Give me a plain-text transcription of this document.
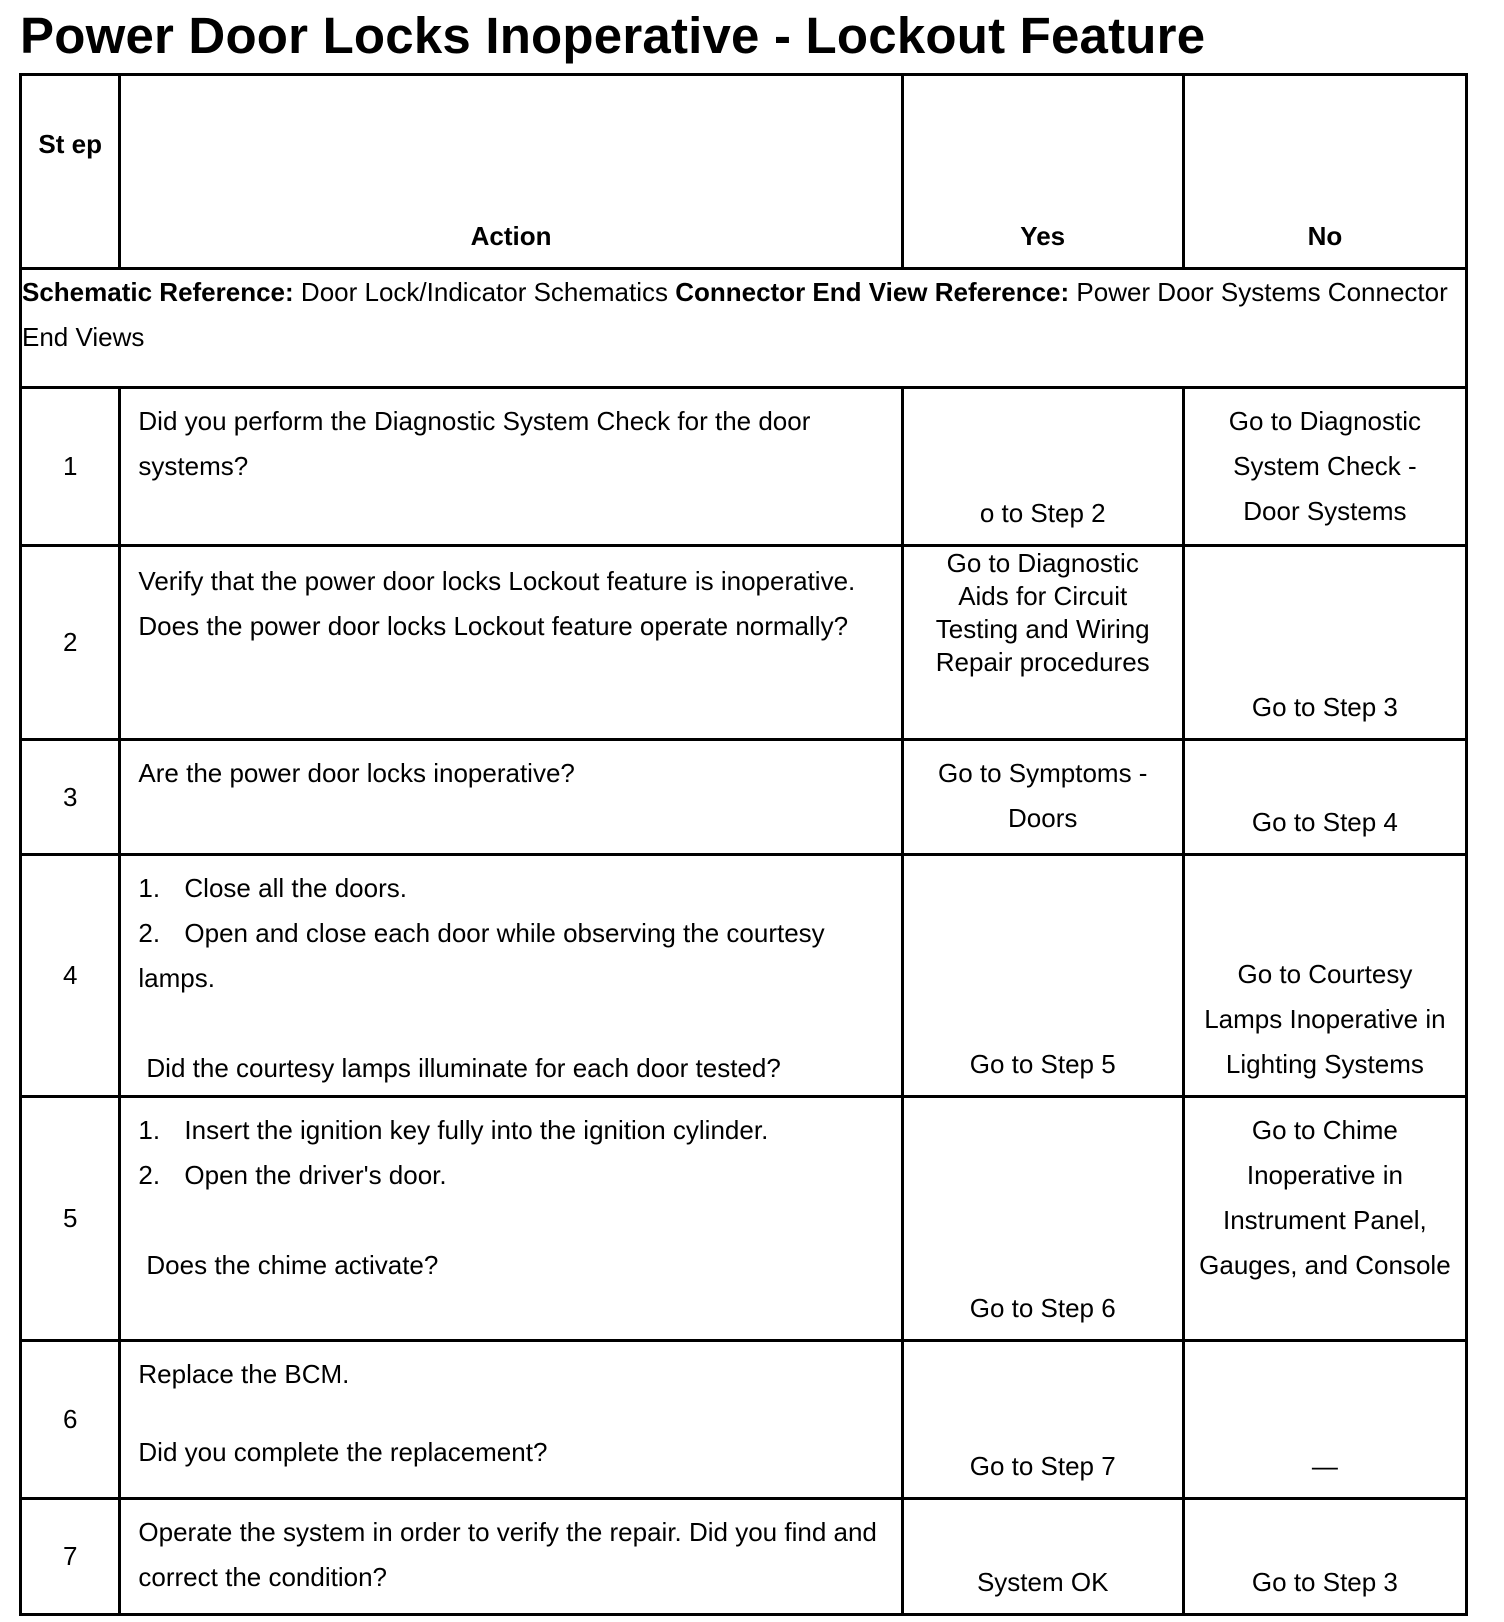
Power Door Locks Inoperative - Lockout Feature
St ep	Action	Yes	No
Schematic Reference: Door Lock/Indicator Schematics Connector End View Reference: Power Door Systems Connector End Views			
1	Did you perform the Diagnostic System Check for the door systems?	o to Step 2	Go to Diagnostic System Check - Door Systems
2	Verify that the power door locks Lockout feature is inoperative. Does the power door locks Lockout feature operate normally?	Go to Diagnostic Aids for Circuit Testing and Wiring Repair procedures	Go to Step 3
3	Are the power door locks inoperative?	Go to Symptoms - Doors	Go to Step 4
4	1. Close all the doors.
2. Open and close each door while observing the courtesy lamps.
Did the courtesy lamps illuminate for each door tested?	Go to Step 5	Go to Courtesy Lamps Inoperative in Lighting Systems
5	1. Insert the ignition key fully into the ignition cylinder.
2. Open the driver's door.
Does the chime activate?	Go to Step 6	Go to Chime Inoperative in Instrument Panel, Gauges, and Console
6	Replace the BCM.
Did you complete the replacement?	Go to Step 7	—
7	Operate the system in order to verify the repair. Did you find and correct the condition?	System OK	Go to Step 3
